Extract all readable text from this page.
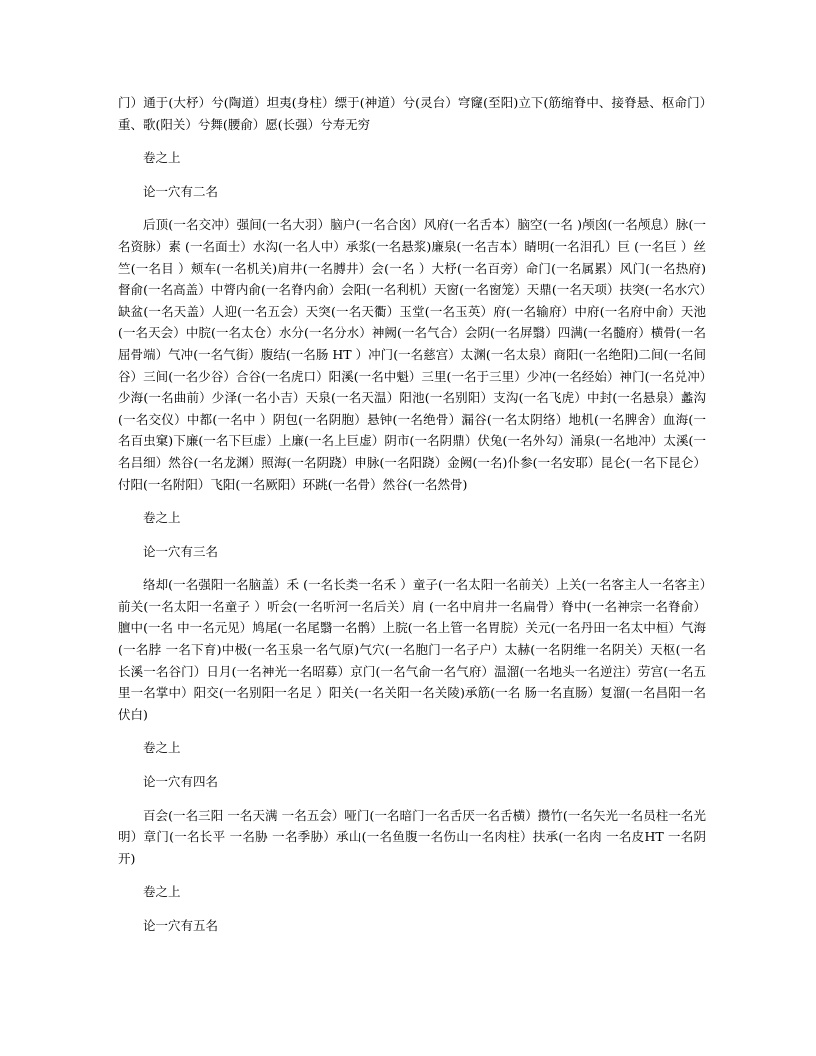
门）通于(大杼）兮(陶道）坦夷(身柱）缥于(神道）兮(灵台）穹窿(至阳)立下(筋缩脊中、接脊悬、枢命门）重、歌(阳关）兮舞(腰俞）愿(长强）兮寿无穷

卷之上

论一穴有二名

后顶(一名交冲）强间(一名大羽）脑户(一名合囟）风府(一名舌本）脑空(一名 )颅囟(一名颅息）脉(一名资脉）素 (一名面士）水沟(一名人中）承浆(一名悬浆)廉泉(一名吉本）睛明(一名泪孔）巨 (一名巨 ）丝竺(一名目 ）颊车(一名机关)肩井(一名膊井）会(一名 ）大杼(一名百旁）命门(一名属累）风门(一名热府)督俞(一名高盖）中膂内俞(一名脊内俞）会阳(一名利机）天窗(一名窗笼）天鼎(一名天项）扶突(一名水穴）缺盆(一名天盖）人迎(一名五会）天突(一名天衢）玉堂(一名玉英）府(一名输府）中府(一名府中俞）天池(一名天会）中脘(一名太仓）水分(一名分水）神阙(一名气合）会阴(一名屏翳）四满(一名髓府）横骨(一名屈骨端）气冲(一名气街）腹结(一名肠 HT ）冲门(一名慈宫）太渊(一名太泉）商阳(一名绝阳)二间(一名间谷）三间(一名少谷）合谷(一名虎口）阳溪(一名中魁）三里(一名于三里）少冲(一名经始）神门(一名兑冲）少海(一名曲前）少泽(一名小吉）天泉(一名天温）阳池(一名别阳）支沟(一名飞虎）中封(一名悬泉）蠡沟(一名交仪）中都(一名中 ）阴包(一名阴胞）悬钟(一名绝骨）漏谷(一名太阴络）地机(一名脾舍）血海(一名百虫窠)下廉(一名下巨虚）上廉(一名上巨虚）阴市(一名阴鼎）伏兔(一名外勾）涌泉(一名地冲）太溪(一名吕细）然谷(一名龙渊）照海(一名阴跷）申脉(一名阳跷）金阙(一名)仆参(一名安耶）昆仑(一名下昆仑）付阳(一名附阳）飞阳(一名厥阳）环跳(一名骨）然谷(一名然骨)

卷之上

论一穴有三名

络却(一名强阳一名脑盖）禾 (一名长类一名禾 ）童子(一名太阳一名前关）上关(一名客主人一名客主）前关(一名太阳一名童子 ）听会(一名听河一名后关）肩 (一名中肩井一名扁骨）脊中(一名神宗一名脊俞）膻中(一名 中一名元见）鸠尾(一名尾翳一名鹘）上脘(一名上管一名胃脘）关元(一名丹田一名太中桓）气海(一名脖 一名下育)中极(一名玉泉一名气原)气穴(一名胞门一名子户）太赫(一名阴维一名阴关）天枢(一名长溪一名谷门）日月(一名神光一名昭募）京门(一名气俞一名气府）温溜(一名地头一名逆注）劳宫(一名五里一名掌中）阳交(一名别阳一名足 ）阳关(一名关阳一名关陵)承筋(一名 肠一名直肠）复溜(一名昌阳一名伏白)

卷之上

论一穴有四名

百会(一名三阳 一名天满 一名五会）哑门(一名暗门一名舌厌一名舌横）攒竹(一名矢光一名员柱一名光明）章门(一名长平 一名胁 一名季胁）承山(一名鱼腹一名伤山一名肉柱）扶承(一名肉 一名皮HT 一名阴开)

卷之上

论一穴有五名
